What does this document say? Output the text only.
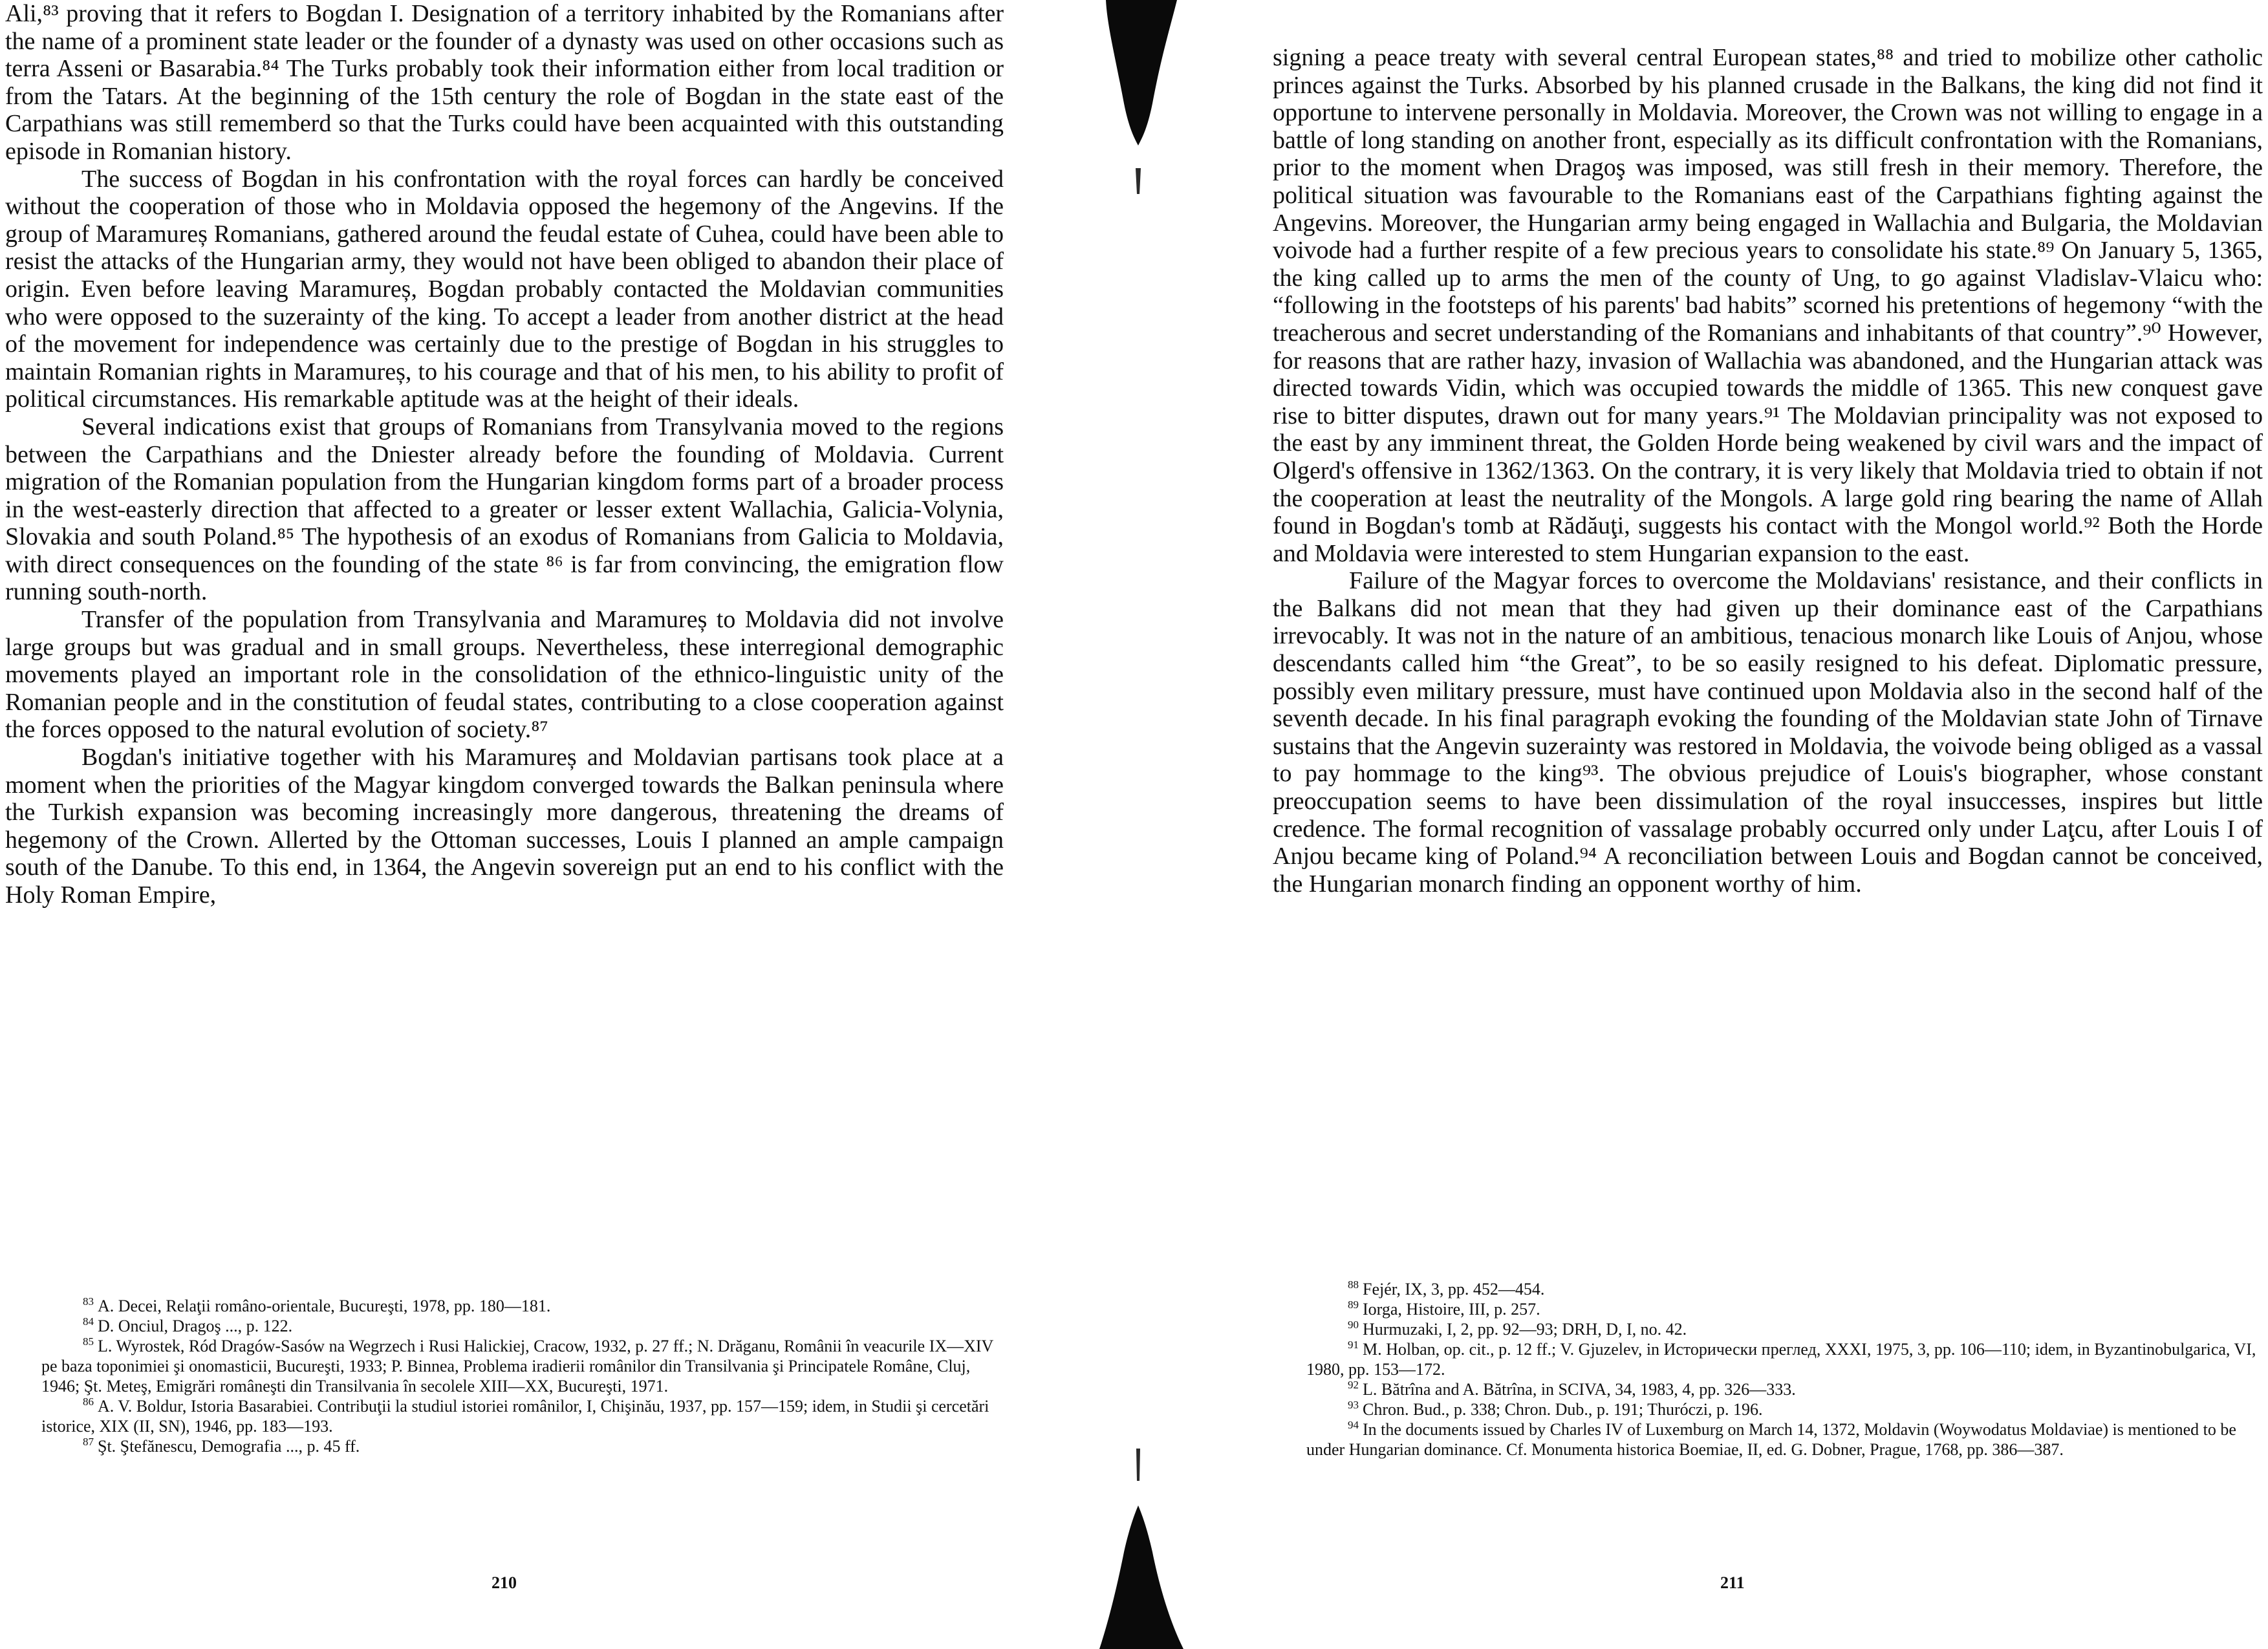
Ali,⁸³ proving that it refers to Bogdan I. Designation of a territory inhabited by the Romanians after the name of a prominent state leader or the founder of a dynasty was used on other occasions such as terra Asseni or Basarabia.⁸⁴ The Turks probably took their information either from local tradition or from the Tatars. At the beginning of the 15th century the role of Bogdan in the state east of the Carpathians was still rememberd so that the Turks could have been acquainted with this outstanding episode in Romanian history.

The success of Bogdan in his confrontation with the royal forces can hardly be conceived without the cooperation of those who in Moldavia opposed the hegemony of the Angevins. If the group of Maramureș Romanians, gathered around the feudal estate of Cuhea, could have been able to resist the attacks of the Hungarian army, they would not have been obliged to abandon their place of origin. Even before leaving Maramureș, Bogdan probably contacted the Moldavian communities who were opposed to the suzerainty of the king. To accept a leader from another district at the head of the movement for independence was certainly due to the prestige of Bogdan in his struggles to maintain Romanian rights in Maramureș, to his courage and that of his men, to his ability to profit of political circumstances. His remarkable aptitude was at the height of their ideals.

Several indications exist that groups of Romanians from Transylvania moved to the regions between the Carpathians and the Dniester already before the founding of Moldavia. Current migration of the Romanian population from the Hungarian kingdom forms part of a broader process in the west-easterly direction that affected to a greater or lesser extent Wallachia, Galicia-Volynia, Slovakia and south Poland.⁸⁵ The hypothesis of an exodus of Romanians from Galicia to Moldavia, with direct consequences on the founding of the state ⁸⁶ is far from convincing, the emigration flow running south-north.

Transfer of the population from Transylvania and Maramureș to Moldavia did not involve large groups but was gradual and in small groups. Nevertheless, these interregional demographic movements played an important role in the consolidation of the ethnico-linguistic unity of the Romanian people and in the constitution of feudal states, contributing to a close cooperation against the forces opposed to the natural evolution of society.⁸⁷

Bogdan's initiative together with his Maramureș and Moldavian partisans took place at a moment when the priorities of the Magyar kingdom converged towards the Balkan peninsula where the Turkish expansion was becoming increasingly more dangerous, threatening the dreams of hegemony of the Crown. Allerted by the Ottoman successes, Louis I planned an ample campaign south of the Danube. To this end, in 1364, the Angevin sovereign put an end to his conflict with the Holy Roman Empire,

$^{83}$ A. Decei, Relaţii româno-orientale, Bucureşti, 1978, pp. 180—181.

$^{84}$ D. Onciul, Dragoş ..., p. 122.

$^{85}$ L. Wyrostek, Ród Dragów-Sasów na Wegrzech i Rusi Halickiej, Cracow, 1932, p. 27 ff.; N. Drăganu, Românii în veacurile IX—XIV pe baza toponimiei şi onomasticii, Bucureşti, 1933; P. Binnea, Problema iradierii românilor din Transilvania şi Principatele Române, Cluj, 1946; Şt. Meteş, Emigrări româneşti din Transilvania în secolele XIII—XX, Bucureşti, 1971.

$^{86}$ A. V. Boldur, Istoria Basarabiei. Contribuţii la studiul istoriei românilor, I, Chişinău, 1937, pp. 157—159; idem, in Studii şi cercetări istorice, XIX (II, SN), 1946, pp. 183—193.

$^{87}$ Şt. Ştefănescu, Demografia ..., p. 45 ff.

210

signing a peace treaty with several central European states,⁸⁸ and tried to mobilize other catholic princes against the Turks. Absorbed by his planned crusade in the Balkans, the king did not find it opportune to intervene personally in Moldavia. Moreover, the Crown was not willing to engage in a battle of long standing on another front, especially as its difficult confrontation with the Romanians, prior to the moment when Dragoş was imposed, was still fresh in their memory. Therefore, the political situation was favourable to the Romanians east of the Carpathians fighting against the Angevins. Moreover, the Hungarian army being engaged in Wallachia and Bulgaria, the Moldavian voivode had a further respite of a few precious years to consolidate his state.⁸⁹ On January 5, 1365, the king called up to arms the men of the county of Ung, to go against Vladislav-Vlaicu who: “following in the footsteps of his parents' bad habits” scorned his pretentions of hegemony “with the treacherous and secret understanding of the Romanians and inhabitants of that country”.⁹⁰ However, for reasons that are rather hazy, invasion of Wallachia was abandoned, and the Hungarian attack was directed towards Vidin, which was occupied towards the middle of 1365. This new conquest gave rise to bitter disputes, drawn out for many years.⁹¹ The Moldavian principality was not exposed to the east by any imminent threat, the Golden Horde being weakened by civil wars and the impact of Olgerd's offensive in 1362/1363. On the contrary, it is very likely that Moldavia tried to obtain if not the cooperation at least the neutrality of the Mongols. A large gold ring bearing the name of Allah found in Bogdan's tomb at Rădăuţi, suggests his contact with the Mongol world.⁹² Both the Horde and Moldavia were interested to stem Hungarian expansion to the east.

Failure of the Magyar forces to overcome the Moldavians' resistance, and their conflicts in the Balkans did not mean that they had given up their dominance east of the Carpathians irrevocably. It was not in the nature of an ambitious, tenacious monarch like Louis of Anjou, whose descendants called him “the Great”, to be so easily resigned to his defeat. Diplomatic pressure, possibly even military pressure, must have continued upon Moldavia also in the second half of the seventh decade. In his final paragraph evoking the founding of the Moldavian state John of Tirnave sustains that the Angevin suzerainty was restored in Moldavia, the voivode being obliged as a vassal to pay hommage to the king⁹³. The obvious prejudice of Louis's biographer, whose constant preoccupation seems to have been dissimulation of the royal insuccesses, inspires but little credence. The formal recognition of vassalage probably occurred only under Laţcu, after Louis I of Anjou became king of Poland.⁹⁴ A reconciliation between Louis and Bogdan cannot be conceived, the Hungarian monarch finding an opponent worthy of him.

$^{88}$ Fejér, IX, 3, pp. 452—454.

$^{89}$ Iorga, Histoire, III, p. 257.

$^{90}$ Hurmuzaki, I, 2, pp. 92—93; DRH, D, I, no. 42.

$^{91}$ M. Holban, op. cit., p. 12 ff.; V. Gjuzelev, in Исторически преглед, XXXI, 1975, 3, pp. 106—110; idem, in Byzantinobulgarica, VI, 1980, pp. 153—172.

$^{92}$ L. Bătrîna and A. Bătrîna, in SCIVA, 34, 1983, 4, pp. 326—333.

$^{93}$ Chron. Bud., p. 338; Chron. Dub., p. 191; Thuróczi, p. 196.

$^{94}$ In the documents issued by Charles IV of Luxemburg on March 14, 1372, Moldavin (Woywodatus Moldaviae) is mentioned to be under Hungarian dominance. Cf. Monumenta historica Boemiae, II, ed. G. Dobner, Prague, 1768, pp. 386—387.

211
